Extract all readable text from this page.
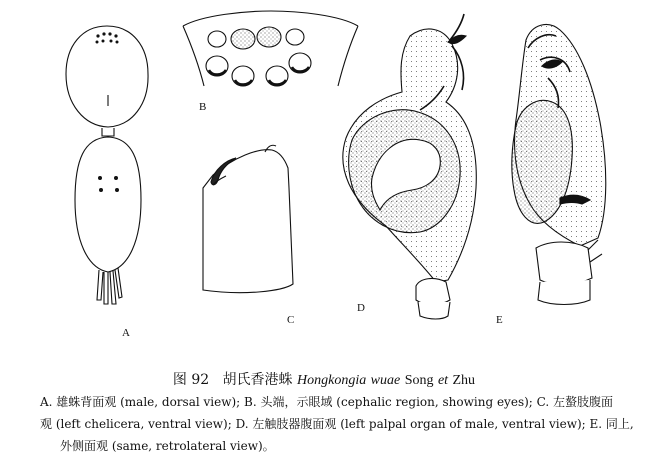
A
B
C
D
E
图 92 胡氏香港蛛 Hongkongia wuae Song et Zhu
A. 雄蛛背面观 (male, dorsal view); B. 头端，示眼域 (cephalic region, showing eyes); C. 左螯肢腹面
观 (left chelicera, ventral view); D. 左触肢器腹面观 (left palpal organ of male, ventral view); E. 同上,
外侧面观 (same, retrolateral view)。
